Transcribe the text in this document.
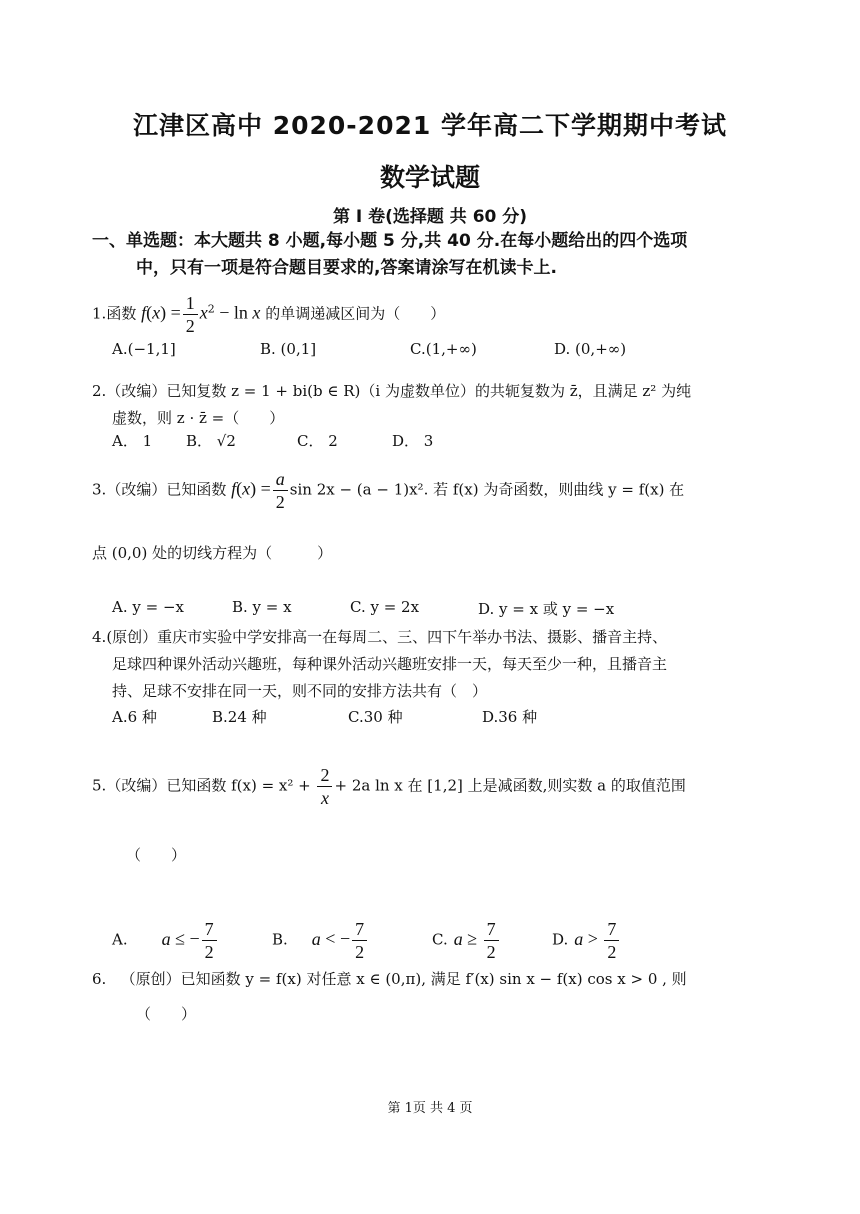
江津区高中 2020-2021 学年高二下学期期中考试
数学试题
第 Ⅰ 卷(选择题 共 60 分)
一、单选题：本大题共 8 小题,每小题 5 分,共 40 分.在每小题给出的四个选项
中，只有一项是符合题目要求的,答案请涂写在机读卡上.
1.函数 $f(x) = \frac{1}{2} x^2 - \ln x$ 的单调递减区间为（　　）
A.(−1,1]	B. (0,1]	C.(1,+∞)	D. (0,+∞)
2.（改编）已知复数 z = 1 + bi(b ∈ R)（i 为虚数单位）的共轭复数为 z̄，且满足 z² 为纯
虚数，则 z · z̄ =（　　）
A． 1 B． √2	C． 2	D． 3
3.（改编）已知函数 $f(x) = \frac{a}{2}$ sin 2x − (a − 1)x². 若 f(x) 为奇函数，则曲线 y = f(x) 在
点 (0,0) 处的切线方程为（　　　）
A. y = −x	B. y = x	C. y = 2x	D. y = x 或 y = −x
4.(原创）重庆市实验中学安排高一在每周二、三、四下午举办书法、摄影、播音主持、
足球四种课外活动兴趣班，每种课外活动兴趣班安排一天，每天至少一种，且播音主
持、足球不安排在同一天，则不同的安排方法共有（　）
A.6 种	B.24 种	C.30 种	D.36 种
5.（改编）已知函数 $f(x) = x^2 + \frac{2}{x} + 2a$ ln x 在 [1,2] 上是减函数,则实数 a 的取值范围
（　　）
A. a ≤ − $\frac{7}{2}$	B. a < − $\frac{7}{2}$	C. $a \ge \frac{7}{2}$	D. $a > \frac{7}{2}$
6. （原创）已知函数 y = f(x) 对任意 x ∈ (0,π), 满足 f′(x) sin x − f(x) cos x > 0 , 则
（　　）
第 1页 共 4 页
